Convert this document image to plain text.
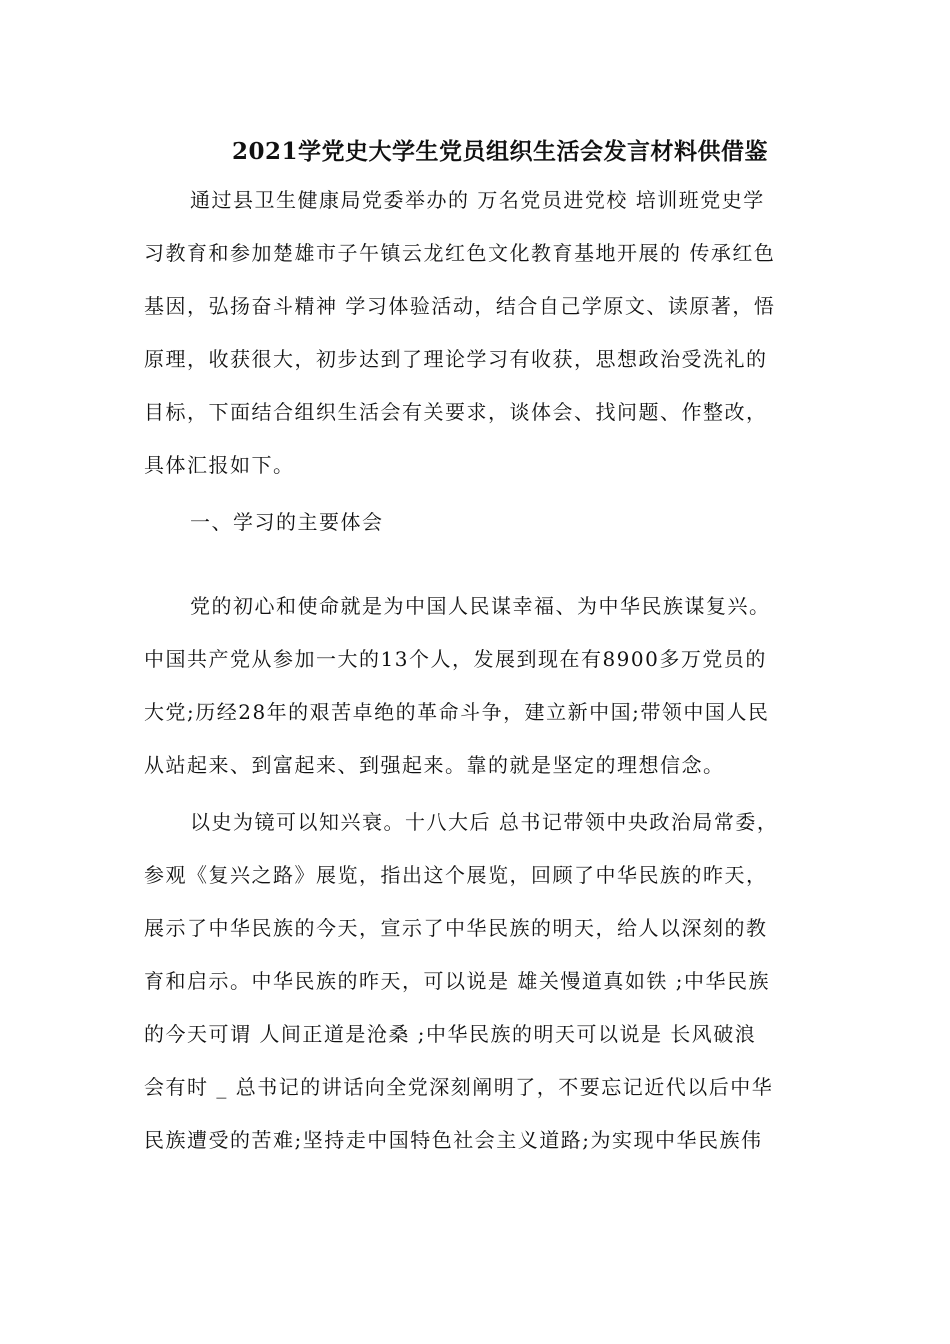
2021学党史大学生党员组织生活会发言材料供借鉴
通过县卫生健康局党委举办的 万名党员进党校 培训班党史学
习教育和参加楚雄市子午镇云龙红色文化教育基地开展的 传承红色
基因，弘扬奋斗精神 学习体验活动，结合自己学原文、读原著，悟
原理，收获很大，初步达到了理论学习有收获，思想政治受洗礼的
目标，下面结合组织生活会有关要求，谈体会、找问题、作整改，
具体汇报如下。
一、学习的主要体会
党的初心和使命就是为中国人民谋幸福、为中华民族谋复兴。
中国共产党从参加一大的13个人，发展到现在有8900多万党员的
大党;历经28年的艰苦卓绝的革命斗争，建立新中国;带领中国人民
从站起来、到富起来、到强起来。靠的就是坚定的理想信念。
以史为镜可以知兴衰。十八大后 总书记带领中央政治局常委，
参观《复兴之路》展览，指出这个展览，回顾了中华民族的昨天，
展示了中华民族的今天，宣示了中华民族的明天，给人以深刻的教
育和启示。中华民族的昨天，可以说是 雄关慢道真如铁 ;中华民族
的今天可谓 人间正道是沧桑 ;中华民族的明天可以说是 长风破浪
会有时 _ 总书记的讲话向全党深刻阐明了，不要忘记近代以后中华
民族遭受的苦难;坚持走中国特色社会主义道路;为实现中华民族伟
